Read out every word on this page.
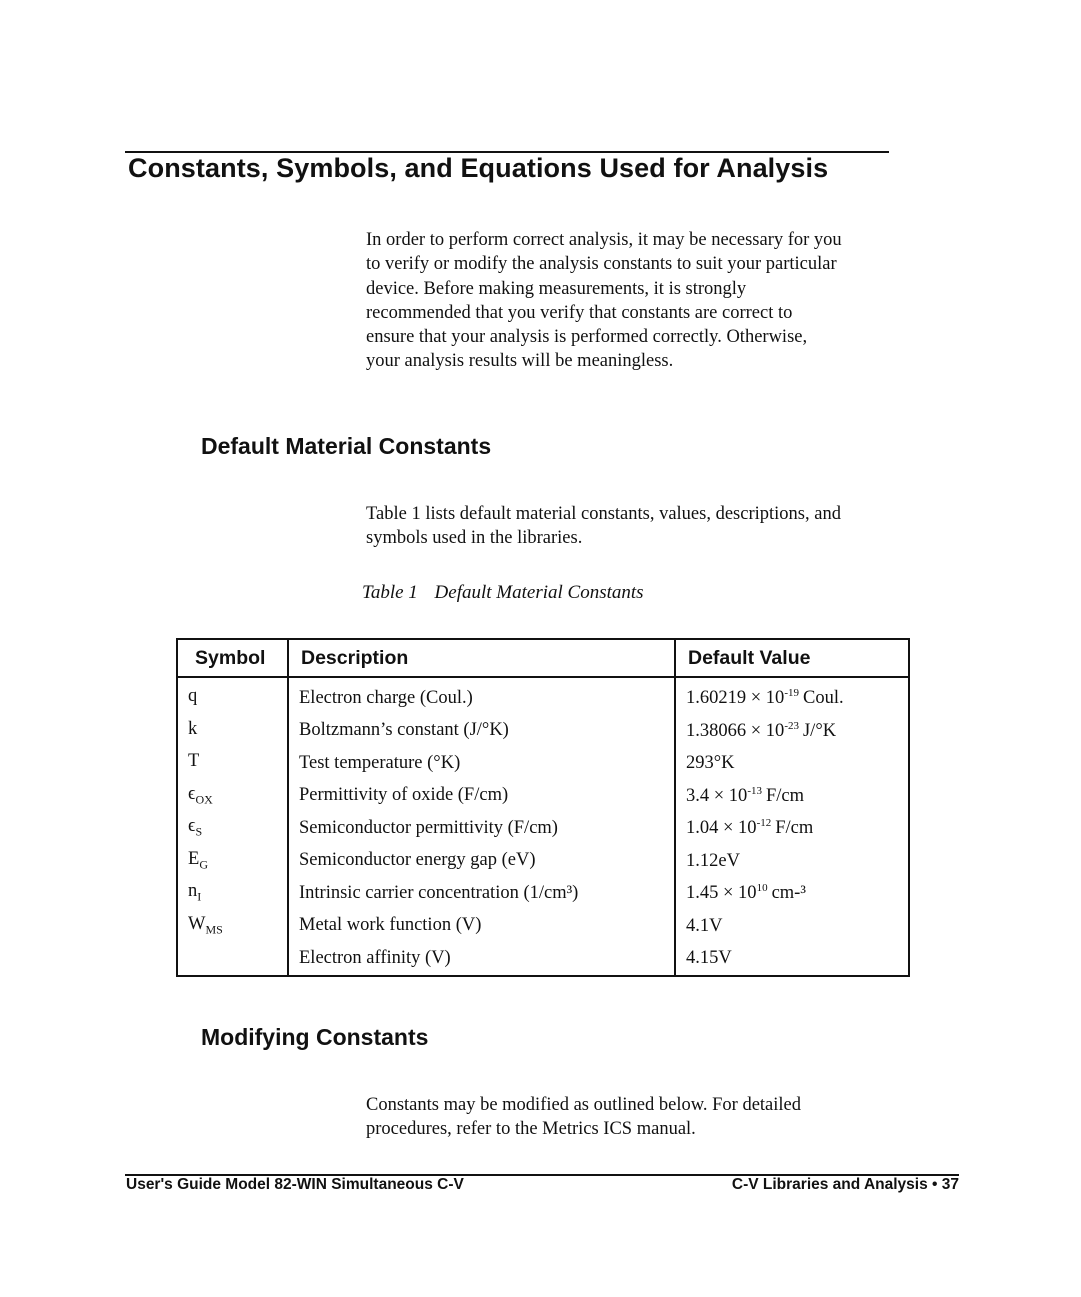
Constants, Symbols, and Equations Used for Analysis
In order to perform correct analysis, it may be necessary for you
to verify or modify the analysis constants to suit your particular
device. Before making measurements, it is strongly
recommended that you verify that constants are correct to
ensure that your analysis is performed correctly. Otherwise,
your analysis results will be meaningless.
Default Material Constants
Table 1 lists default material constants, values, descriptions, and
symbols used in the libraries.
Table 1 Default Material Constants
Symbol	Description	Default Value
q	Electron charge (Coul.)	$1.60219 \times 10^{-19}$ Coul.
k	Boltzmann’s constant (J/°K)	$1.38066 \times 10^{-23}$ J/°K
T	Test temperature (°K)	293°K
$\epsilon_{OX}$	Permittivity of oxide (F/cm)	$3.4 \times 10^{-13}$ F/cm
$\epsilon_S$	Semiconductor permittivity (F/cm)	$1.04 \times 10^{-12}$ F/cm
$E_G$	Semiconductor energy gap (eV)	1.12eV
$n_I$	Intrinsic carrier concentration (1/cm³)	$1.45 \times 10^{10}$ cm-³
$W_{MS}$	Metal work function (V)	4.1V
	Electron affinity (V)	4.15V
Modifying Constants
Constants may be modified as outlined below. For detailed
procedures, refer to the Metrics ICS manual.
User's Guide Model 82-WIN Simultaneous C-V	C-V Libraries and Analysis • 37
